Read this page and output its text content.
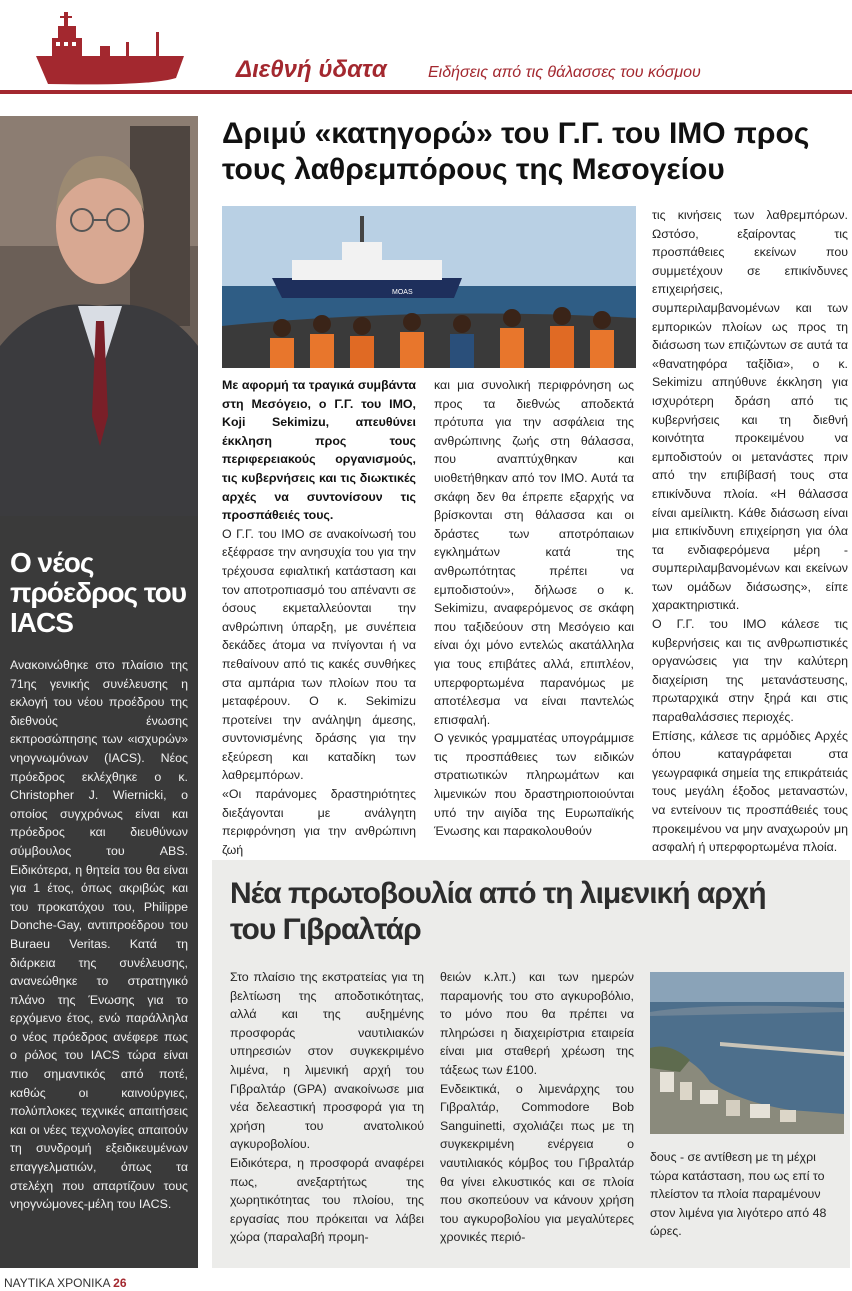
Διεθνή ύδατα	Ειδήσεις από τις θάλασσες του κόσμου
Ο νέος πρόεδρος του IACS
Ανακοινώθηκε στο πλαίσιο της 71ης γενικής συνέλευσης η εκλογή του νέου προέδρου της διεθνούς ένωσης εκπροσώπησης των «ισχυρών» νηογνωμόνων (IACS). Νέος πρόεδρος εκλέχθηκε ο κ. Christopher J. Wiernicki, ο οποίος συγχρόνως είναι και πρόεδρος και διευθύνων σύμβουλος του ABS. Ειδικότερα, η θητεία του θα είναι για 1 έτος, όπως ακριβώς και του προκατόχου του, Philippe Donche-Gay, αντιπροέδρου του Buraeu Veritas. Κατά τη διάρκεια της συνέλευσης, ανανεώθηκε το στρατηγικό πλάνο της Ένωσης για το ερχόμενο έτος, ενώ παράλληλα ο νέος πρόεδρος ανέφερε πως ο ρόλος του IACS τώρα είναι πιο σημαντικός από ποτέ, καθώς οι καινούργιες, πολύπλοκες τεχνικές απαιτήσεις και οι νέες τεχνολογίες απαιτούν τη συνδρομή εξειδικευμένων επαγγελματιών, όπως τα στελέχη που απαρτίζουν τους νηογνώμονες-μέλη του IACS.
Δριμύ «κατηγορώ» του Γ.Γ. του ΙΜΟ προς τους λαθρεμπόρους της Μεσογείου
MOAS
Με αφορμή τα τραγικά συμβάντα στη Μεσόγειο, ο Γ.Γ. του ΙΜΟ, Koji Sekimizu, απευθύνει έκκληση προς τους περιφερειακούς οργανισμούς, τις κυβερνήσεις και τις διωκτικές αρχές να συντονίσουν τις προσπάθειές τους.
Ο Γ.Γ. του ΙΜΟ σε ανακοίνωσή του εξέφρασε την ανησυχία του για την τρέχουσα εφιαλτική κατάσταση και τον αποτροπιασμό του απέναντι σε όσους εκμεταλλεύονται την ανθρώπινη ύπαρξη, με συνέπεια δεκάδες άτομα να πνίγονται ή να πεθαίνουν από τις κακές συνθήκες στα αμπάρια των πλοίων που τα μεταφέρουν. Ο κ. Sekimizu προτείνει την ανάληψη άμεσης, συντονισμένης δράσης για την εξεύρεση και καταδίκη των λαθρεμπόρων.
«Οι παράνομες δραστηριότητες διεξάγονται με ανάλγητη περιφρόνηση για την ανθρώπινη ζωή
και μια συνολική περιφρόνηση ως προς τα διεθνώς αποδεκτά πρότυπα για την ασφάλεια της ανθρώπινης ζωής στη θάλασσα, που αναπτύχθηκαν και υιοθετήθηκαν από τον ΙΜΟ. Αυτά τα σκάφη δεν θα έπρεπε εξαρχής να βρίσκονται στη θάλασσα και οι δράστες των αποτρόπαιων εγκλημάτων κατά της ανθρωπότητας πρέπει να εμποδιστούν», δήλωσε ο κ. Sekimizu, αναφερόμενος σε σκάφη που ταξιδεύουν στη Μεσόγειο και είναι όχι μόνο εντελώς ακατάλληλα για τους επιβάτες αλλά, επιπλέον, υπερφορτωμένα παρανόμως με αποτέλεσμα να είναι παντελώς επισφαλή.
Ο γενικός γραμματέας υπογράμμισε τις προσπάθειες των ειδικών στρατιωτικών πληρωμάτων και λιμενικών που δραστηριοποιούνται υπό την αιγίδα της Ευρωπαϊκής Ένωσης και παρακολουθούν
τις κινήσεις των λαθρεμπόρων. Ωστόσο, εξαίροντας τις προσπάθειες εκείνων που συμμετέχουν σε επικίνδυνες επιχειρήσεις, συμπεριλαμβανομένων και των εμπορικών πλοίων ως προς τη διάσωση των επιζώντων σε αυτά τα «θανατηφόρα ταξίδια», ο κ. Sekimizu απηύθυνε έκκληση για ισχυρότερη δράση από τις κυβερνήσεις και τη διεθνή κοινότητα προκειμένου να εμποδιστούν οι μετανάστες πριν από την επιβίβασή τους στα επικίνδυνα πλοία. «Η θάλασσα είναι αμείλικτη. Κάθε διάσωση είναι μια επικίνδυνη επιχείρηση για όλα τα ενδιαφερόμενα μέρη - συμπεριλαμβανομένων και εκείνων των ομάδων διάσωσης», είπε χαρακτηριστικά.
Ο Γ.Γ. του ΙΜΟ κάλεσε τις κυβερνήσεις και τις ανθρωπιστικές οργανώσεις για την καλύτερη διαχείριση της μετανάστευσης, πρωταρχικά στην ξηρά και στις παραθαλάσσιες περιοχές.
Επίσης, κάλεσε τις αρμόδιες Αρχές όπου καταγράφεται στα γεωγραφικά σημεία της επικράτειάς τους μεγάλη έξοδος μεταναστών, να εντείνουν τις προσπάθειές τους προκειμένου να μην αναχωρούν μη ασφαλή ή υπερφορτωμένα πλοία.
Νέα πρωτοβουλία από τη λιμενική αρχή του Γιβραλτάρ
Στο πλαίσιο της εκστρατείας για τη βελτίωση της αποδοτικότητας, αλλά και της αυξημένης προσφοράς ναυτιλιακών υπηρεσιών στον συγκεκριμένο λιμένα, η λιμενική αρχή του Γιβραλτάρ (GPA) ανακοίνωσε μια νέα δελεαστική προσφορά για τη χρήση του ανατολικού αγκυροβολίου.
Ειδικότερα, η προσφορά αναφέρει πως, ανεξαρτήτως της χωρητικότητας του πλοίου, της εργασίας που πρόκειται να λάβει χώρα (παραλαβή προμη-
θειών κ.λπ.) και των ημερών παραμονής του στο αγκυροβόλιο, το μόνο που θα πρέπει να πληρώσει η διαχειρίστρια εταιρεία είναι μια σταθερή χρέωση της τάξεως των £100.
Ενδεικτικά, ο λιμενάρχης του Γιβραλτάρ, Commodore Bob Sanguinetti, σχολιάζει πως με τη συγκεκριμένη ενέργεια ο ναυτιλιακός κόμβος του Γιβραλτάρ θα γίνει ελκυστικός και σε πλοία που σκοπεύουν να κάνουν χρήση του αγκυροβολίου για μεγαλύτερες χρονικές περιό-
δους - σε αντίθεση με τη μέχρι τώρα κατάσταση, που ως επί το πλείστον τα πλοία παραμένουν στον λιμένα για λιγότερο από 48 ώρες.
ΝΑΥΤΙΚΑ ΧΡΟΝΙΚΑ 26
